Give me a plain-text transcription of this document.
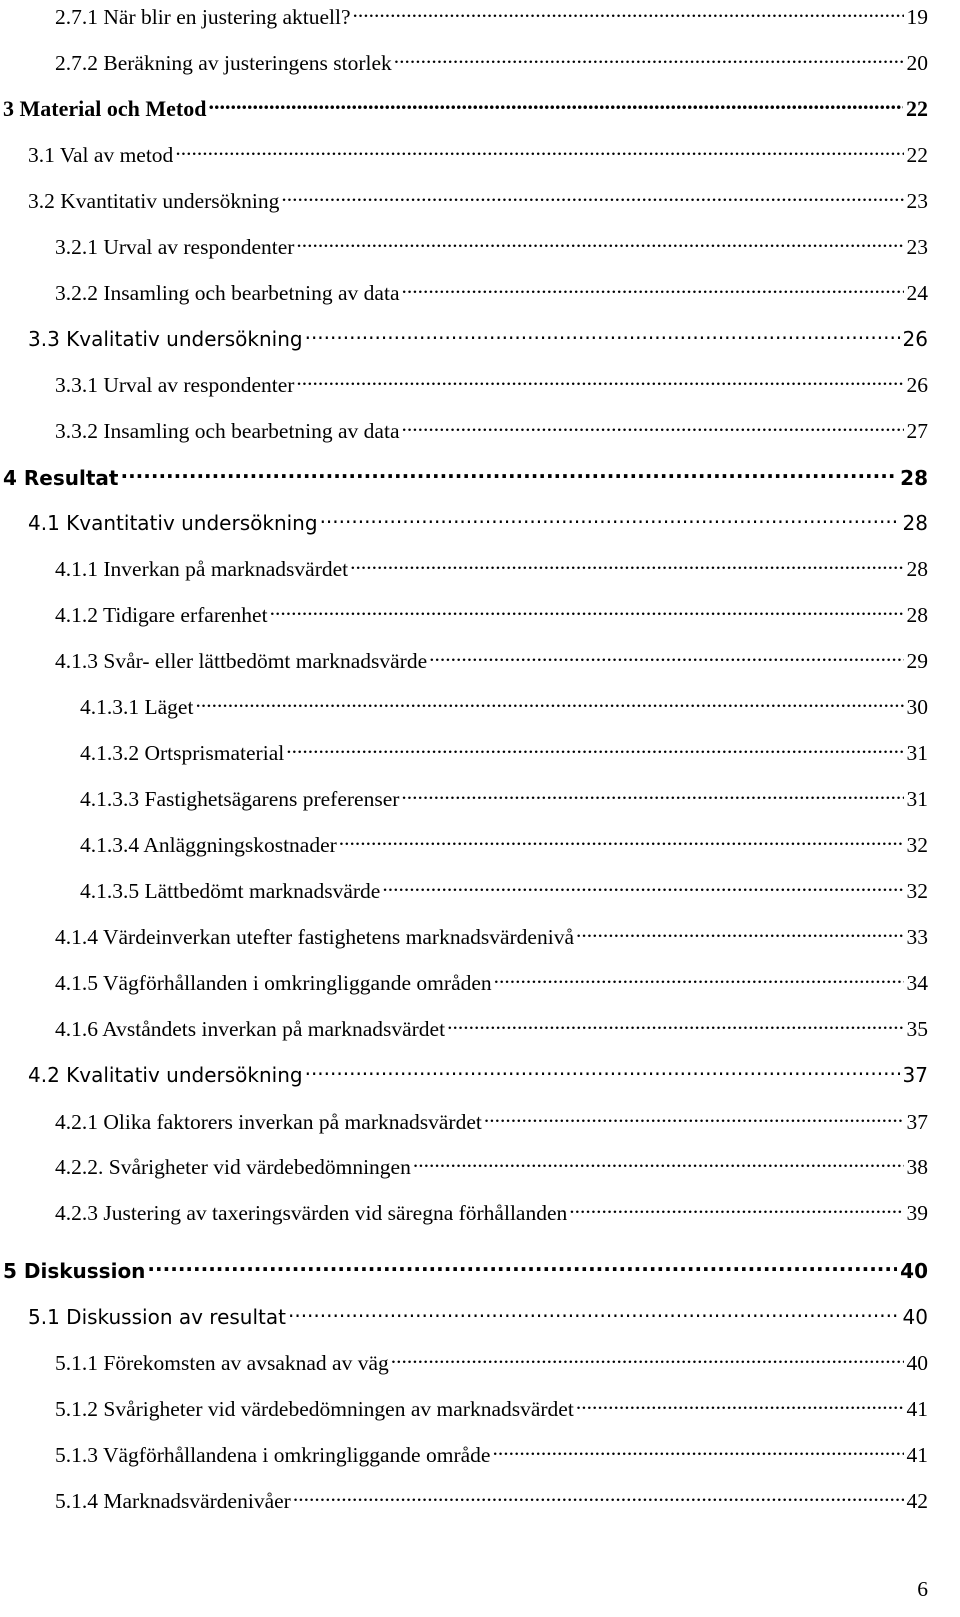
2.7.1 När blir en justering aktuell? .....	19
2.7.2 Beräkning av justeringens storlek .....	20
3 Material och Metod .....	22
3.1 Val av metod .....	22
3.2 Kvantitativ undersökning .....	23
3.2.1 Urval av respondenter .....	23
3.2.2 Insamling och bearbetning av data .....	24
3.3 Kvalitativ undersökning .....	26
3.3.1 Urval av respondenter .....	26
3.3.2 Insamling och bearbetning av data .....	27
4 Resultat .....	28
4.1 Kvantitativ undersökning .....	28
4.1.1 Inverkan på marknadsvärdet .....	28
4.1.2 Tidigare erfarenhet .....	28
4.1.3 Svår- eller lättbedömt marknadsvärde .....	29
4.1.3.1 Läget .....	30
4.1.3.2 Ortsprismaterial .....	31
4.1.3.3 Fastighetsägarens preferenser .....	31
4.1.3.4 Anläggningskostnader .....	32
4.1.3.5 Lättbedömt marknadsvärde .....	32
4.1.4 Värdeinverkan utefter fastighetens marknadsvärdenivå .....	33
4.1.5 Vägförhållanden i omkringliggande områden .....	34
4.1.6 Avståndets inverkan på marknadsvärdet .....	35
4.2 Kvalitativ undersökning .....	37
4.2.1 Olika faktorers inverkan på marknadsvärdet .....	37
4.2.2. Svårigheter vid värdebedömningen .....	38
4.2.3 Justering av taxeringsvärden vid säregna förhållanden .....	39
5 Diskussion .....	40
5.1 Diskussion av resultat .....	40
5.1.1 Förekomsten av avsaknad av väg .....	40
5.1.2 Svårigheter vid värdebedömningen av marknadsvärdet .....	41
5.1.3 Vägförhållandena i omkringliggande område .....	41
5.1.4 Marknadsvärdenivåer .....	42
6
